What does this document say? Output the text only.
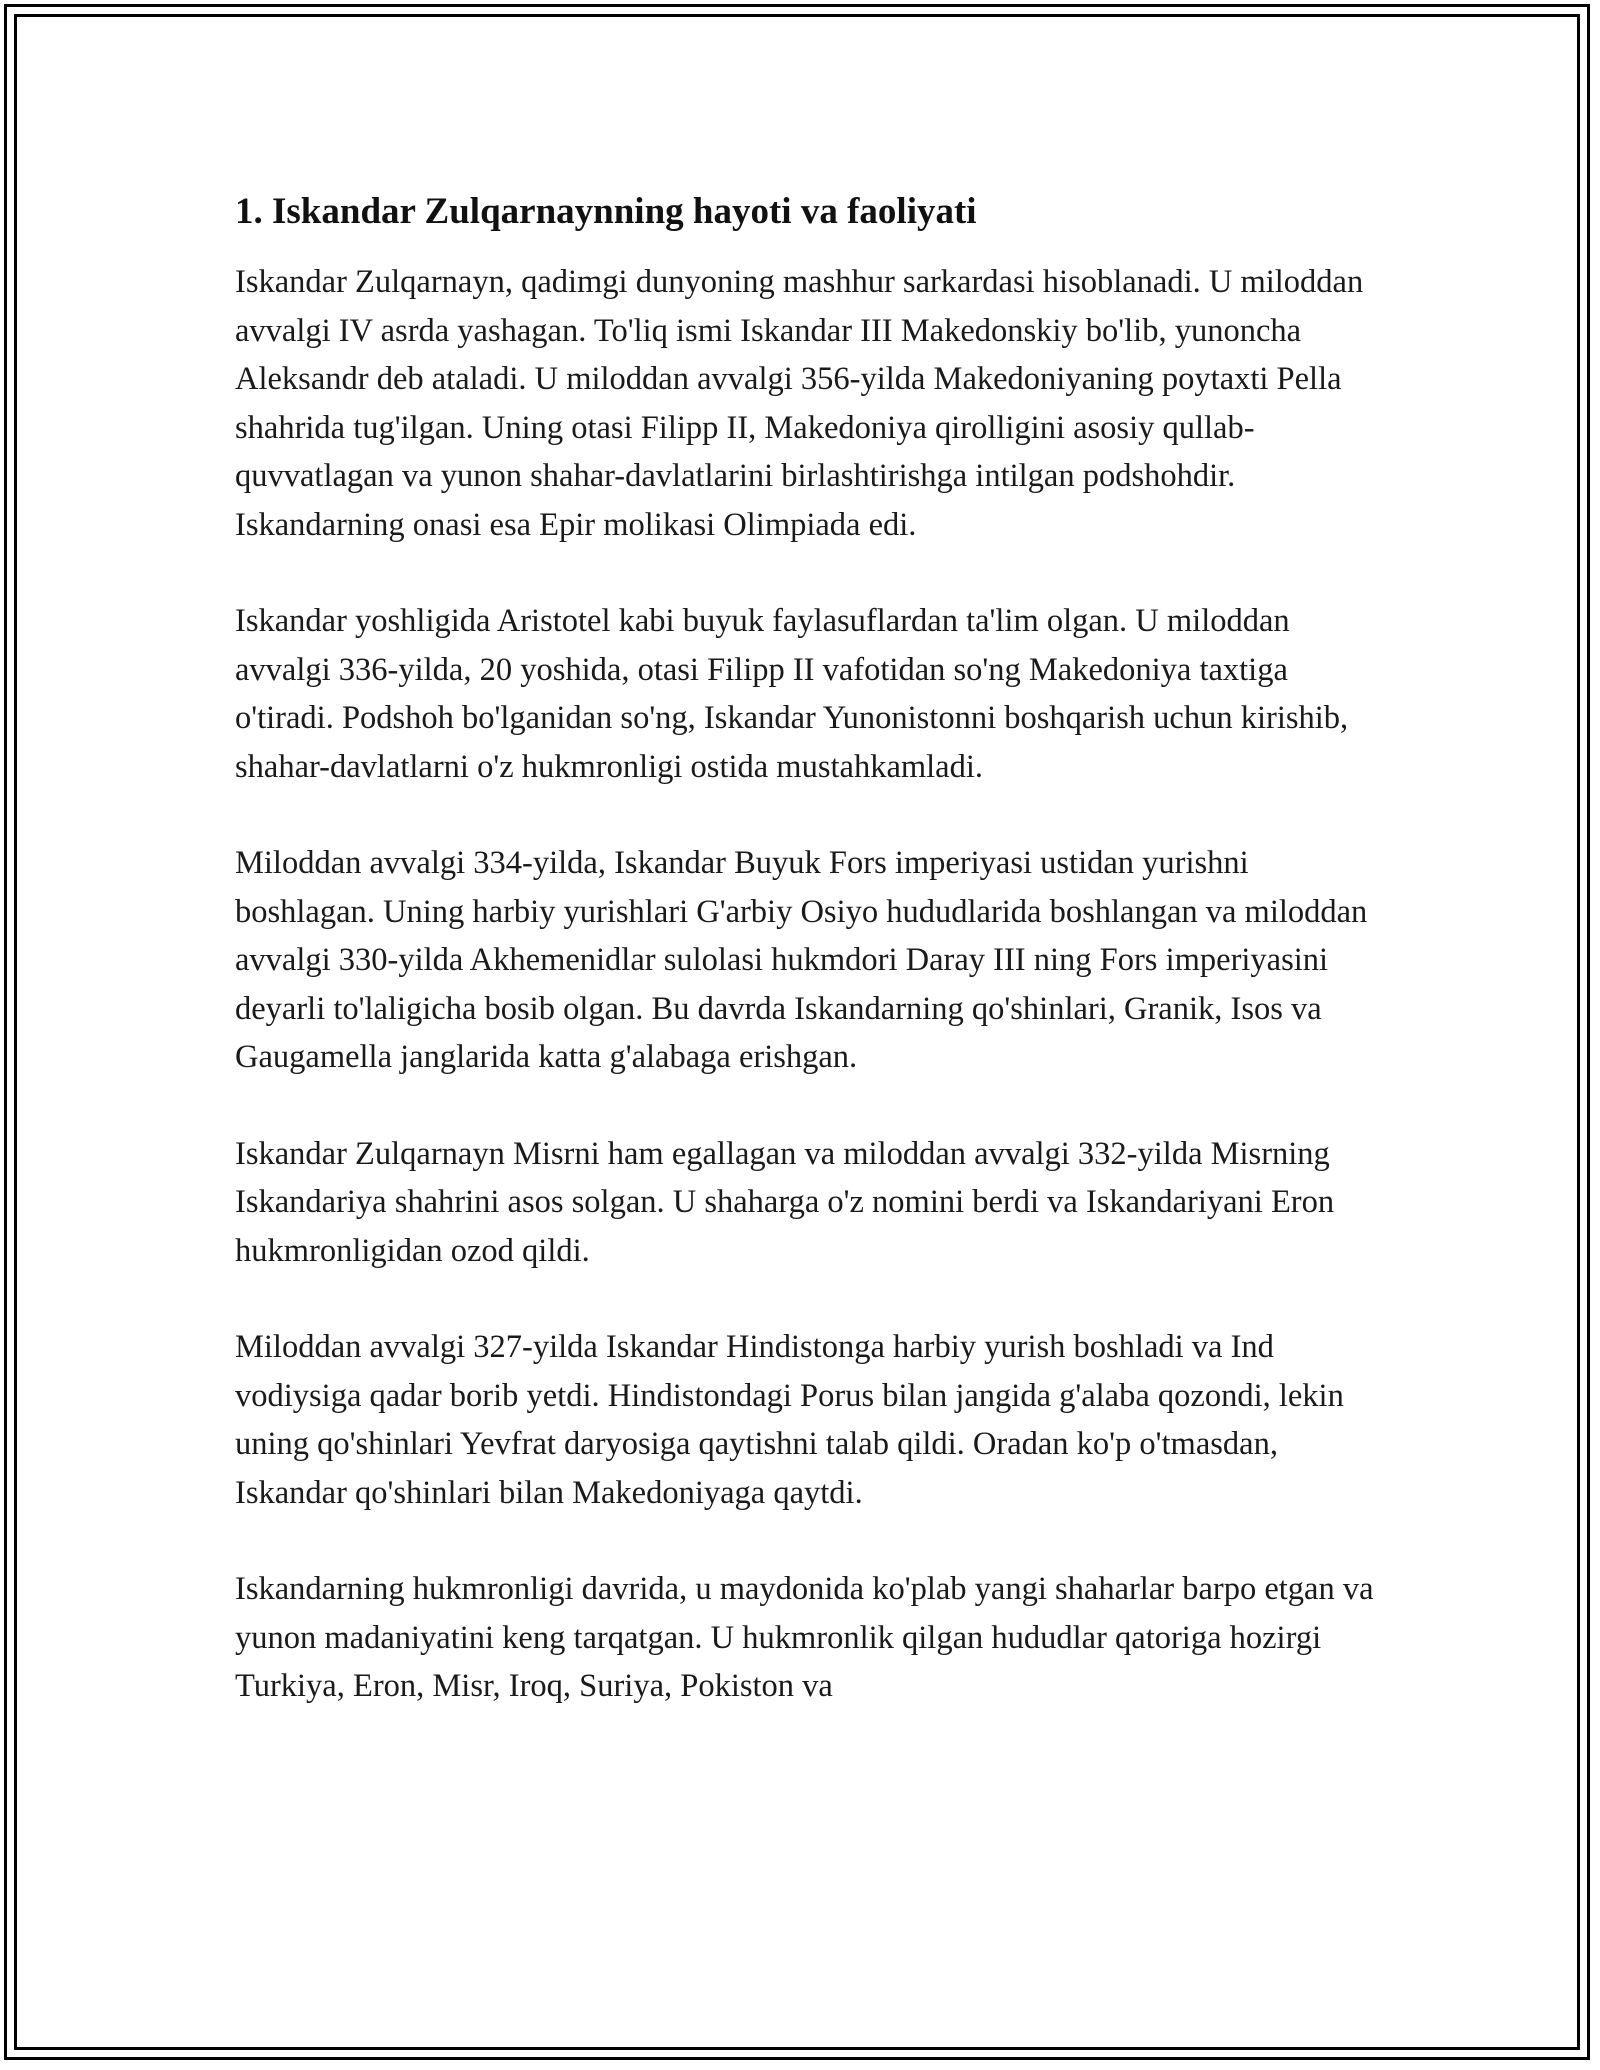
1. Iskandar Zulqarnaynning hayoti va faoliyati

Iskandar Zulqarnayn, qadimgi dunyoning mashhur sarkardasi hisoblanadi. U miloddan avvalgi IV asrda yashagan. To'liq ismi Iskandar III Makedonskiy bo'lib, yunoncha Aleksandr deb ataladi. U miloddan avvalgi 356-yilda Makedoniyaning poytaxti Pella shahrida tug'ilgan. Uning otasi Filipp II, Makedoniya qirolligini asosiy qullab-quvvatlagan va yunon shahar-davlatlarini birlashtirishga intilgan podshohdir. Iskandarning onasi esa Epir molikasi Olimpiada edi.

Iskandar yoshligida Aristotel kabi buyuk faylasuflardan ta'lim olgan. U miloddan avvalgi 336-yilda, 20 yoshida, otasi Filipp II vafotidan so'ng Makedoniya taxtiga o'tiradi. Podshoh bo'lganidan so'ng, Iskandar Yunonistonni boshqarish uchun kirishib, shahar-davlatlarni o'z hukmronligi ostida mustahkamladi.

Miloddan avvalgi 334-yilda, Iskandar Buyuk Fors imperiyasi ustidan yurishni boshlagan. Uning harbiy yurishlari G'arbiy Osiyo hududlarida boshlangan va miloddan avvalgi 330-yilda Akhemenidlar sulolasi hukmdori Daray III ning Fors imperiyasini deyarli to'laligicha bosib olgan. Bu davrda Iskandarning qo'shinlari, Granik, Isos va Gaugamella janglarida katta g'alabaga erishgan.

Iskandar Zulqarnayn Misrni ham egallagan va miloddan avvalgi 332-yilda Misrning Iskandariya shahrini asos solgan. U shaharga o'z nomini berdi va Iskandariyani Eron hukmronligidan ozod qildi.

Miloddan avvalgi 327-yilda Iskandar Hindistonga harbiy yurish boshladi va Ind vodiysiga qadar borib yetdi. Hindistondagi Porus bilan jangida g'alaba qozondi, lekin uning qo'shinlari Yevfrat daryosiga qaytishni talab qildi. Oradan ko'p o'tmasdan, Iskandar qo'shinlari bilan Makedoniyaga qaytdi.

Iskandarning hukmronligi davrida, u maydonida ko'plab yangi shaharlar barpo etgan va yunon madaniyatini keng tarqatgan. U hukmronlik qilgan hududlar qatoriga hozirgi Turkiya, Eron, Misr, Iroq, Suriya, Pokiston va
